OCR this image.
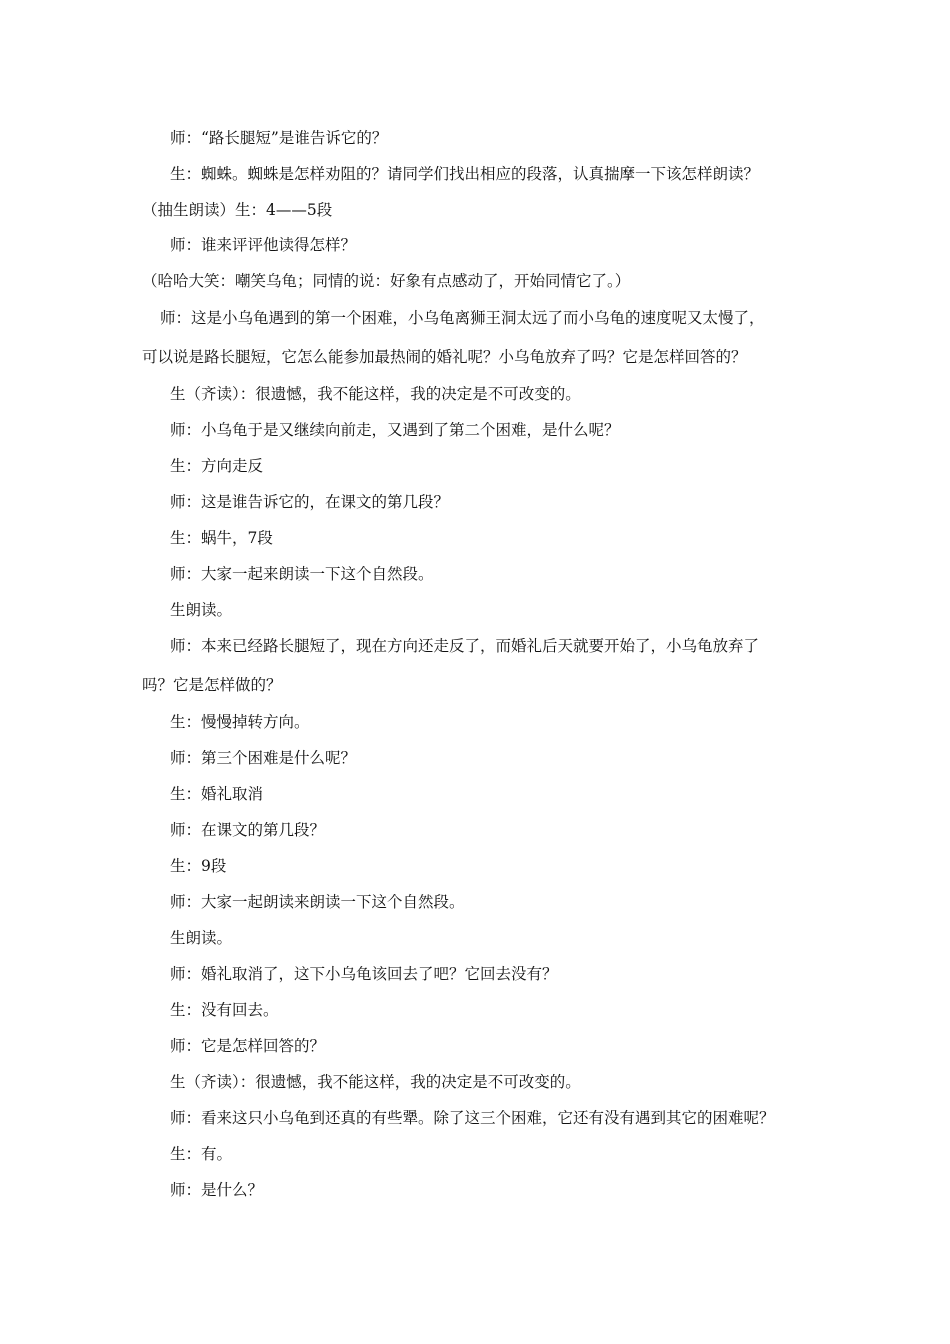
师：“路长腿短”是谁告诉它的？
生：蜘蛛。蜘蛛是怎样劝阻的？请同学们找出相应的段落，认真揣摩一下该怎样朗读？
（抽生朗读）生：4——5段
师：谁来评评他读得怎样？
（哈哈大笑：嘲笑乌龟；同情的说：好象有点感动了，开始同情它了。）
师：这是小乌龟遇到的第一个困难，小乌龟离狮王洞太远了而小乌龟的速度呢又太慢了，
可以说是路长腿短，它怎么能参加最热闹的婚礼呢？小乌龟放弃了吗？它是怎样回答的？
生（齐读）：很遗憾，我不能这样，我的决定是不可改变的。
师：小乌龟于是又继续向前走，又遇到了第二个困难，是什么呢？
生：方向走反
师：这是谁告诉它的，在课文的第几段？
生：蜗牛，7段
师：大家一起来朗读一下这个自然段。
生朗读。
师：本来已经路长腿短了，现在方向还走反了，而婚礼后天就要开始了，小乌龟放弃了
吗？它是怎样做的？
生：慢慢掉转方向。
师：第三个困难是什么呢？
生：婚礼取消
师：在课文的第几段？
生：9段
师：大家一起朗读来朗读一下这个自然段。
生朗读。
师：婚礼取消了，这下小乌龟该回去了吧？它回去没有？
生：没有回去。
师：它是怎样回答的？
生（齐读）：很遗憾，我不能这样，我的决定是不可改变的。
师：看来这只小乌龟到还真的有些犟。除了这三个困难，它还有没有遇到其它的困难呢？
生：有。
师：是什么？
